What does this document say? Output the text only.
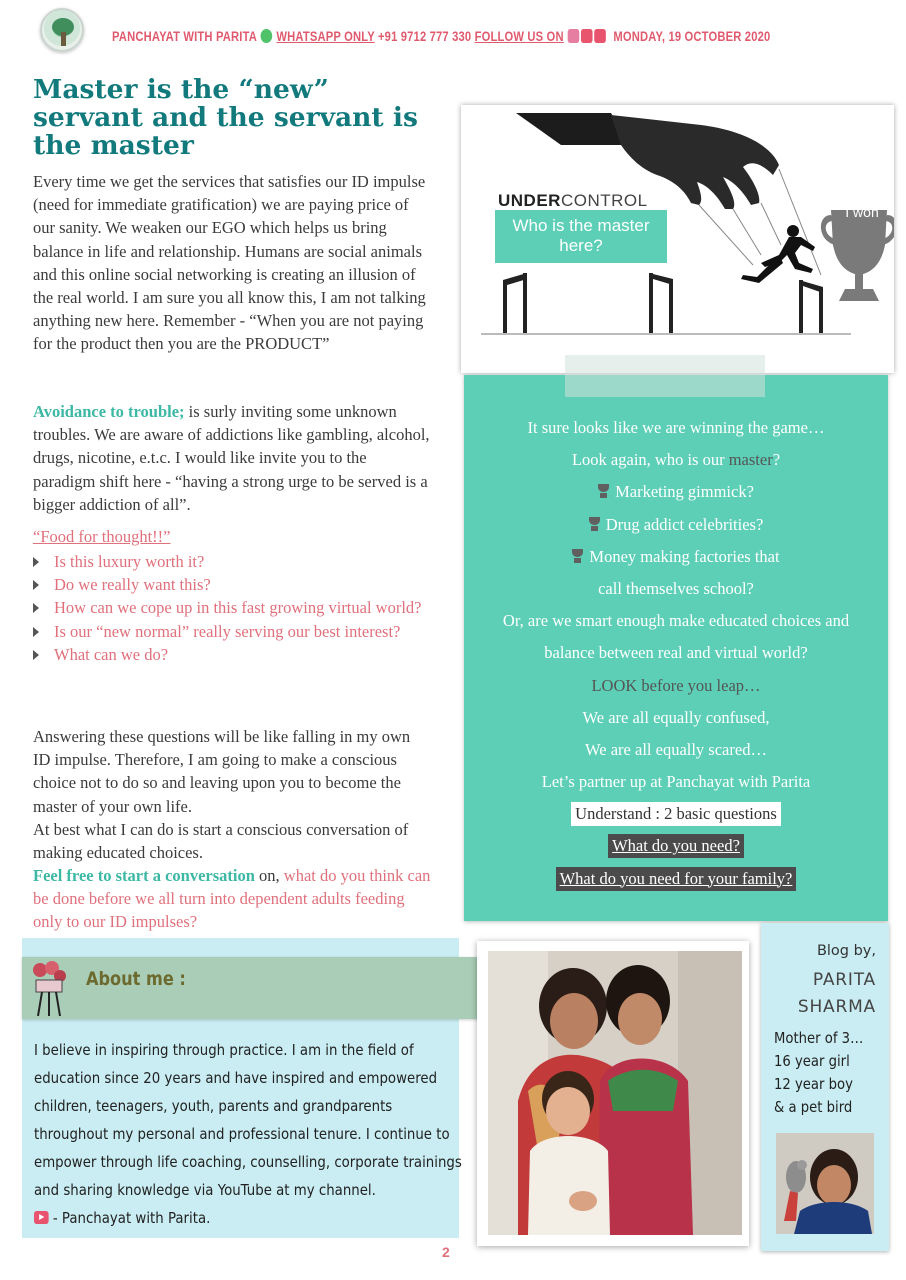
PANCHAYAT WITH PARITA WHATSAPP ONLY +91 9712 777 330 FOLLOW US ON	MONDAY, 19 OCTOBER 2020
Master is the “new” servant and the servant is the master

Every time we get the services that satisfies our ID impulse (need for immediate gratification) we are paying price of our sanity. We weaken our EGO which helps us bring balance in life and relationship. Humans are social animals and this online social networking is creating an illusion of the real world. I am sure you all know this, I am not talking anything new here. Remember - “When you are not paying for the product then you are the PRODUCT”

Avoidance to trouble; is surly inviting some unknown troubles. We are aware of addictions like gambling, alcohol, drugs, nicotine, e.t.c. I would like invite you to the paradigm shift here - “having a strong urge to be served is a bigger addiction of all”.

“Food for thought!!”
Is this luxury worth it?
Do we really want this?
How can we cope up in this fast growing virtual world?
Is our “new normal” really serving our best interest?
What can we do?

Answering these questions will be like falling in my own ID impulse. Therefore, I am going to make a conscious choice not to do so and leaving upon you to become the master of your own life.

At best what I can do is start a conscious conversation of making educated choices.

Feel free to start a conversation on, what do you think can be done before we all turn into dependent adults feeding only to our ID impulses?

UNDERCONTROL
Who is the master here?
I won
It sure looks like we are winning the game…
Look again, who is our master?
Marketing gimmick?
Drug addict celebrities?
Money making factories that
call themselves school?
Or, are we smart enough make educated choices and
balance between real and virtual world?
LOOK before you leap…
We are all equally confused,
We are all equally scared…
Let’s partner up at Panchayat with Parita
Understand : 2 basic questions
What do you need?
What do you need for your family?
About me :
I believe in inspiring through practice. I am in the field of education since 20 years and have inspired and empowered children, teenagers, youth, parents and grandparents throughout my personal and professional tenure. I continue to empower through life coaching, counselling, corporate trainings and sharing knowledge via YouTube at my channel.
- Panchayat with Parita.
Blog by,
PARITA
SHARMA
Mother of 3…
16 year girl
12 year boy
& a pet bird
2
